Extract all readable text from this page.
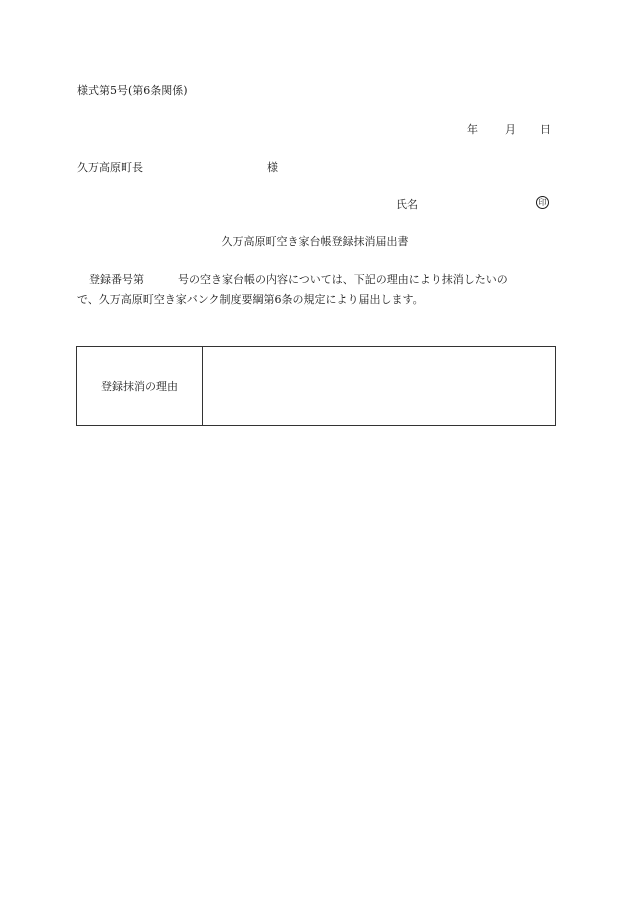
様式第5号(第6条関係)
年 月 日
久万高原町長	様
氏名	印
久万高原町空き家台帳登録抹消届出書
登録番号第	号の空き家台帳の内容については、下記の理由により抹消したいの
で、久万高原町空き家バンク制度要綱第6条の規定により届出します。
登録抹消の理由
